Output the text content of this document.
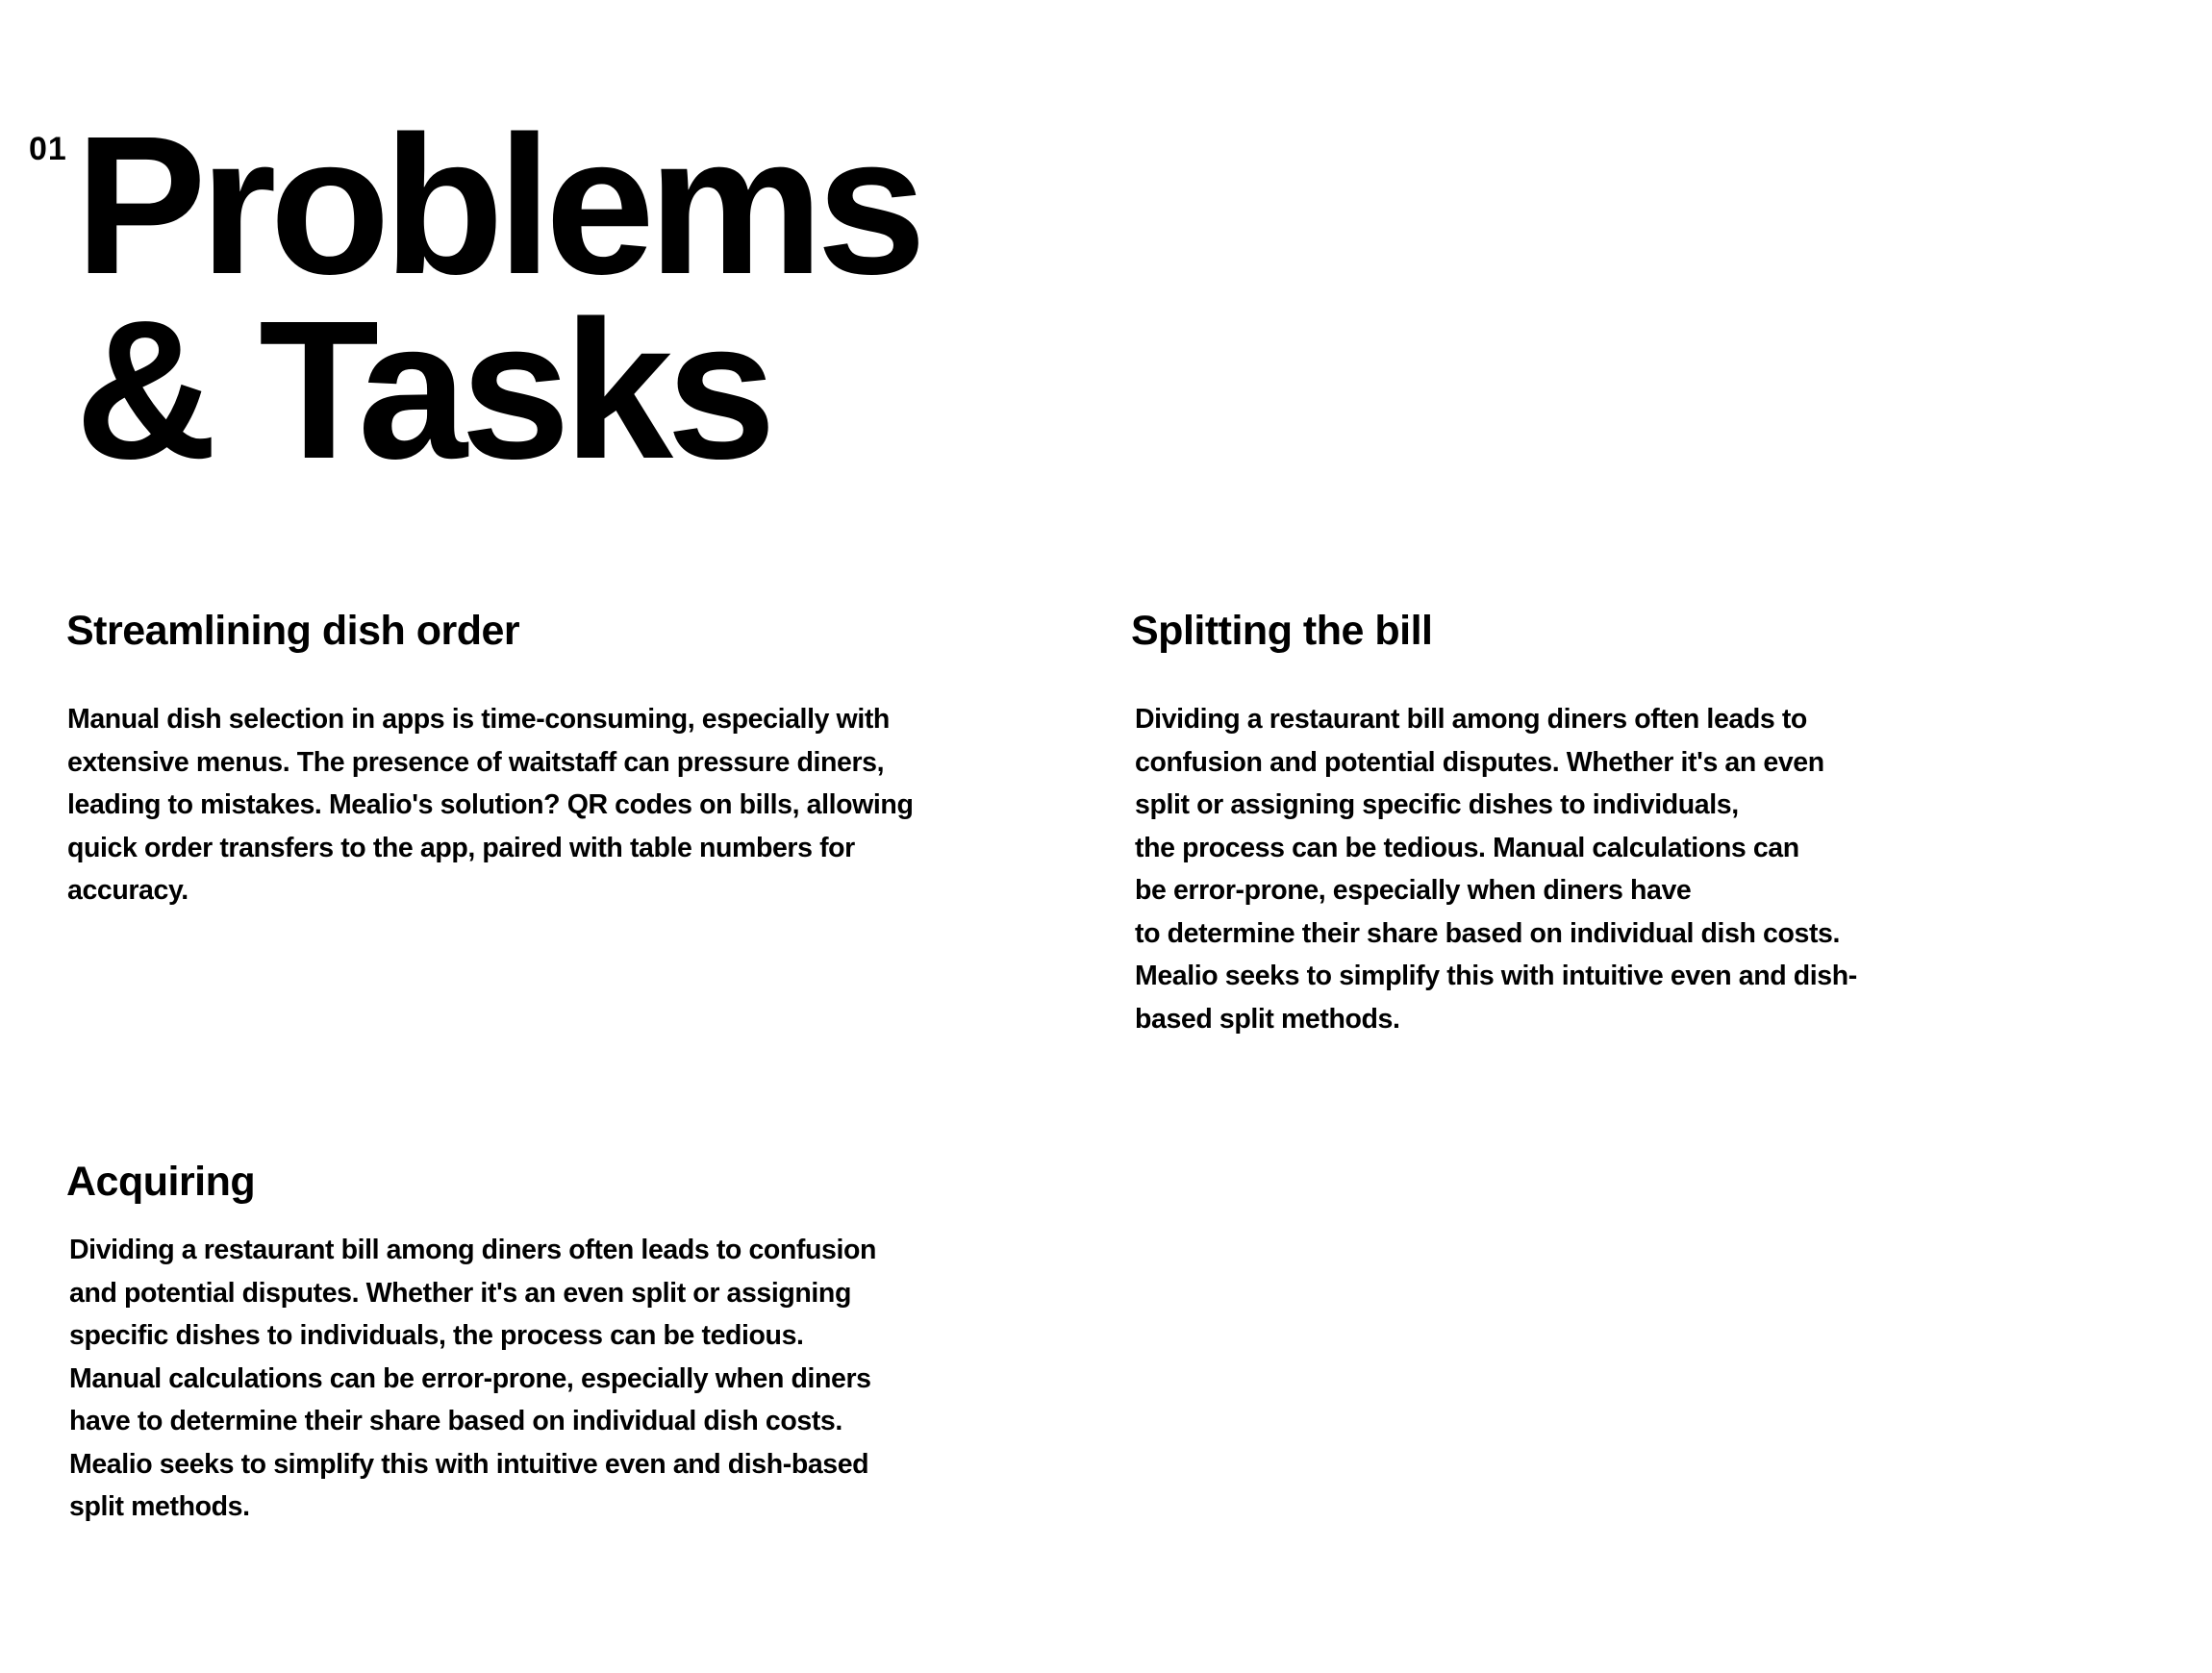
01 Problems
& Tasks
Streamlining dish order
Manual dish selection in apps is time-consuming, especially with
extensive menus. The presence of waitstaff can pressure diners,
leading to mistakes. Mealio's solution? QR codes on bills, allowing
quick order transfers to the app, paired with table numbers for
accuracy.
Splitting the bill
Dividing a restaurant bill among diners often leads to
confusion and potential disputes. Whether it's an even
split or assigning specific dishes to individuals,
the process can be tedious. Manual calculations can
be error-prone, especially when diners have
to determine their share based on individual dish costs.
Mealio seeks to simplify this with intuitive even and dish-
based split methods.
Acquiring
Dividing a restaurant bill among diners often leads to confusion
and potential disputes. Whether it's an even split or assigning
specific dishes to individuals, the process can be tedious.
Manual calculations can be error-prone, especially when diners
have to determine their share based on individual dish costs.
Mealio seeks to simplify this with intuitive even and dish-based
split methods.
